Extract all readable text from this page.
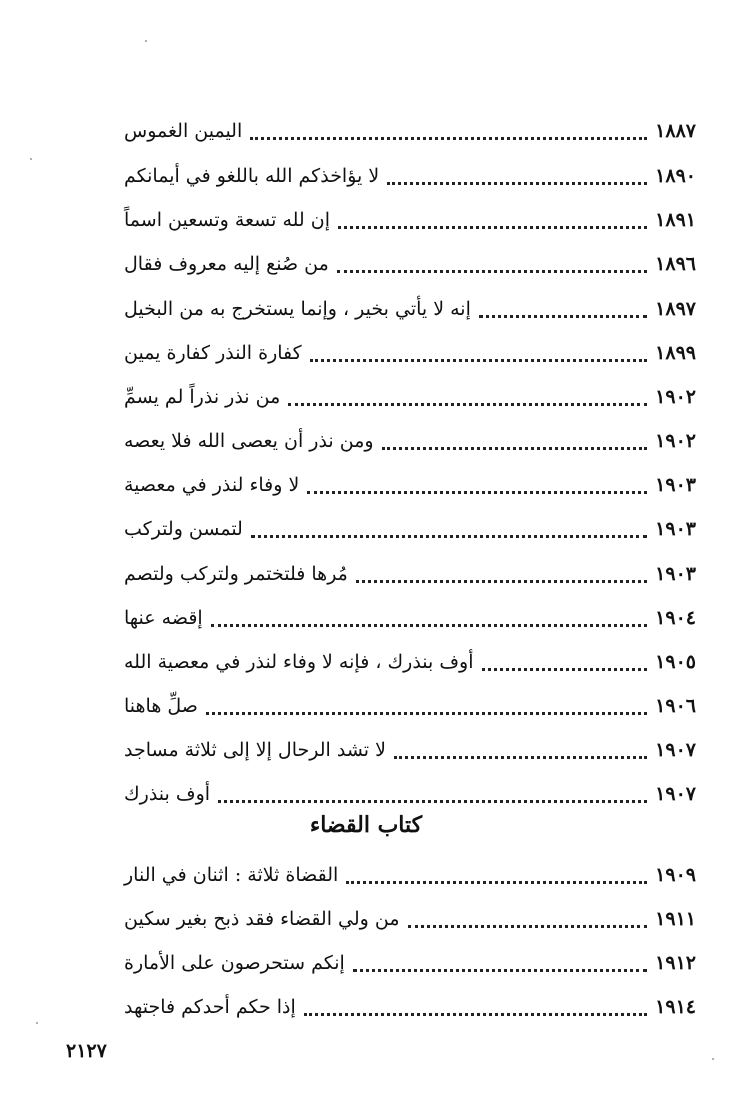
اليمين الغموس	١٨٨٧
لا يؤاخذكم الله باللغو في أيمانكم	١٨٩٠
إن لله تسعة وتسعين اسماً	١٨٩١
من صُنع إليه معروف فقال	١٨٩٦
إنه لا يأتي بخير ، وإنما يستخرج به من البخيل	١٨٩٧
كفارة النذر كفارة يمين	١٨٩٩
من نذر نذراً لم يسمِّ	١٩٠٢
ومن نذر أن يعصى الله فلا يعصه	١٩٠٢
لا وفاء لنذر في معصية	١٩٠٣
لتمسن ولتركب	١٩٠٣
مُرها فلتختمر ولتركب ولتصم	١٩٠٣
إقضه عنها	١٩٠٤
أوف بنذرك ، فإنه لا وفاء لنذر في معصية الله	١٩٠٥
صلِّ هاهنا	١٩٠٦
لا تشد الرحال إلا إلى ثلاثة مساجد	١٩٠٧
أوف بنذرك	١٩٠٧
كتاب القضاء
القضاة ثلاثة : اثنان في النار	١٩٠٩
من ولي القضاء فقد ذبح بغير سكين	١٩١١
إنكم ستحرصون على الأمارة	١٩١٢
إذا حكم أحدكم فاجتهد	١٩١٤
٢١٢٧
